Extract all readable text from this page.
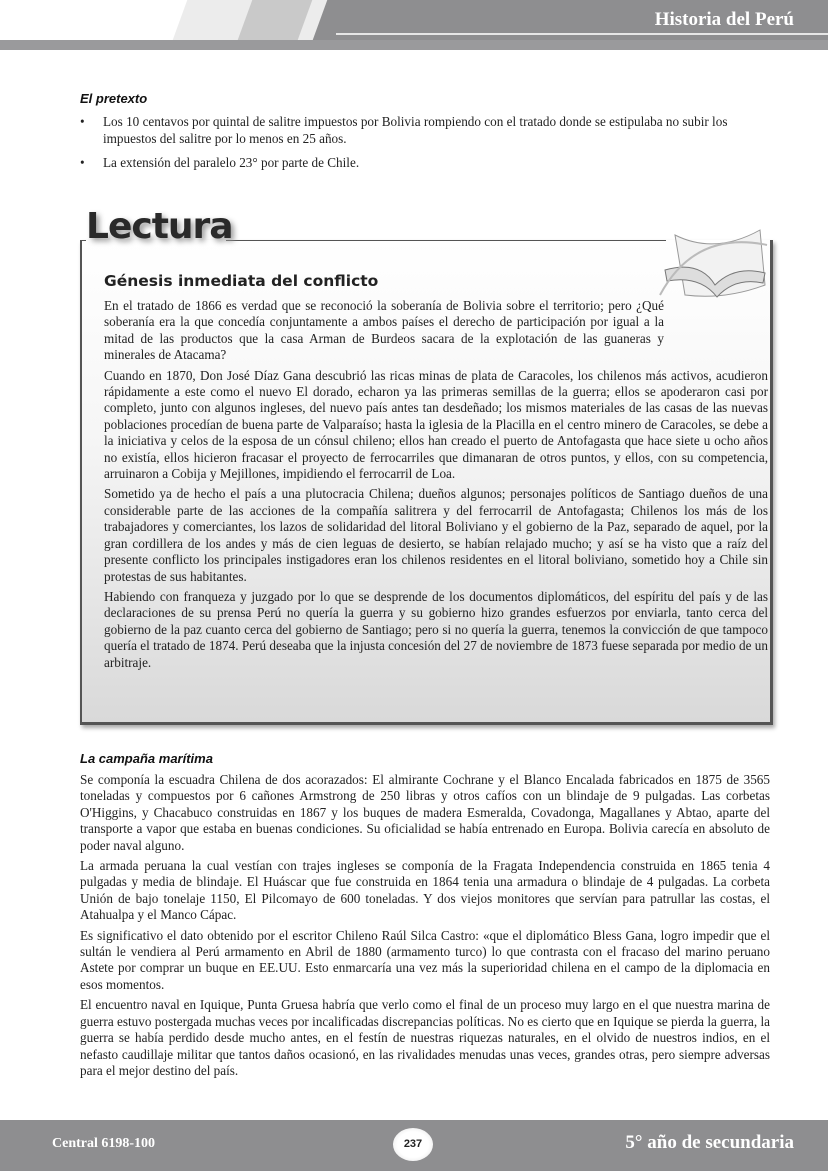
Historia del Perú
El pretexto
• Los 10 centavos por quintal de salitre impuestos por Bolivia rompiendo con el tratado donde se estipulaba no subir los impuestos del salitre por lo menos en 25 años.
• La extensión del paralelo 23° por parte de Chile.
Lectura
Génesis inmediata del conflicto

En el tratado de 1866 es verdad que se reconoció la soberanía de Bolivia sobre el territorio; pero ¿Qué soberanía era la que concedía conjuntamente a ambos países el derecho de participación por igual a la mitad de las productos que la casa Arman de Burdeos sacara de la explotación de las guaneras y minerales de Atacama?

Cuando en 1870, Don José Díaz Gana descubrió las ricas minas de plata de Caracoles, los chilenos más activos, acudieron rápidamente a este como el nuevo El dorado, echaron ya las primeras semillas de la guerra; ellos se apoderaron casi por completo, junto con algunos ingleses, del nuevo país antes tan desdeñado; los mismos materiales de las casas de las nuevas poblaciones procedían de buena parte de Valparaíso; hasta la iglesia de la Placilla en el centro minero de Caracoles, se debe a la iniciativa y celos de la esposa de un cónsul chileno; ellos han creado el puerto de Antofagasta que hace siete u ocho años no existía, ellos hicieron fracasar el proyecto de ferrocarriles que dimanaran de otros puntos, y ellos, con su competencia, arruinaron a Cobija y Mejillones, impidiendo el ferrocarril de Loa.

Sometido ya de hecho el país a una plutocracia Chilena; dueños algunos; personajes políticos de Santiago dueños de una considerable parte de las acciones de la compañía salitrera y del ferrocarril de Antofagasta; Chilenos los más de los trabajadores y comerciantes, los lazos de solidaridad del litoral Boliviano y el gobierno de la Paz, separado de aquel, por la gran cordillera de los andes y más de cien leguas de desierto, se habían relajado mucho; y así se ha visto que a raíz del presente conflicto los principales instigadores eran los chilenos residentes en el litoral boliviano, sometido hoy a Chile sin protestas de sus habitantes.

Habiendo con franqueza y juzgado por lo que se desprende de los documentos diplomáticos, del espíritu del país y de las declaraciones de su prensa Perú no quería la guerra y su gobierno hizo grandes esfuerzos por enviarla, tanto cerca del gobierno de la paz cuanto cerca del gobierno de Santiago; pero si no quería la guerra, tenemos la convicción de que tampoco quería el tratado de 1874. Perú deseaba que la injusta concesión del 27 de noviembre de 1873 fuese separada por medio de un arbitraje.

La campaña marítima

Se componía la escuadra Chilena de dos acorazados: El almirante Cochrane y el Blanco Encalada fabricados en 1875 de 3565 toneladas y compuestos por 6 cañones Armstrong de 250 libras y otros cafíos con un blindaje de 9 pulgadas. Las corbetas O'Higgins, y Chacabuco construidas en 1867 y los buques de madera Esmeralda, Covadonga, Magallanes y Abtao, aparte del transporte a vapor que estaba en buenas condiciones. Su oficialidad se había entrenado en Europa. Bolivia carecía en absoluto de poder naval alguno.

La armada peruana la cual vestían con trajes ingleses se componía de la Fragata Independencia construida en 1865 tenia 4 pulgadas y media de blindaje. El Huáscar que fue construida en 1864 tenia una armadura o blindaje de 4 pulgadas. La corbeta Unión de bajo tonelaje 1150, El Pilcomayo de 600 toneladas. Y dos viejos monitores que servían para patrullar las costas, el Atahualpa y el Manco Cápac.

Es significativo el dato obtenido por el escritor Chileno Raúl Silca Castro: «que el diplomático Bless Gana, logro impedir que el sultán le vendiera al Perú armamento en Abril de 1880 (armamento turco) lo que contrasta con el fracaso del marino peruano Astete por comprar un buque en EE.UU. Esto enmarcaría una vez más la superioridad chilena en el campo de la diplomacia en esos momentos.

El encuentro naval en Iquique, Punta Gruesa habría que verlo como el final de un proceso muy largo en el que nuestra marina de guerra estuvo postergada muchas veces por incalificadas discrepancias políticas. No es cierto que en Iquique se pierda la guerra, la guerra se había perdido desde mucho antes, en el festín de nuestras riquezas naturales, en el olvido de nuestros indios, en el nefasto caudillaje militar que tantos daños ocasionó, en las rivalidades menudas unas veces, grandes otras, pero siempre adversas para el mejor destino del país.

Central 6198-100	237	5° año de secundaria
